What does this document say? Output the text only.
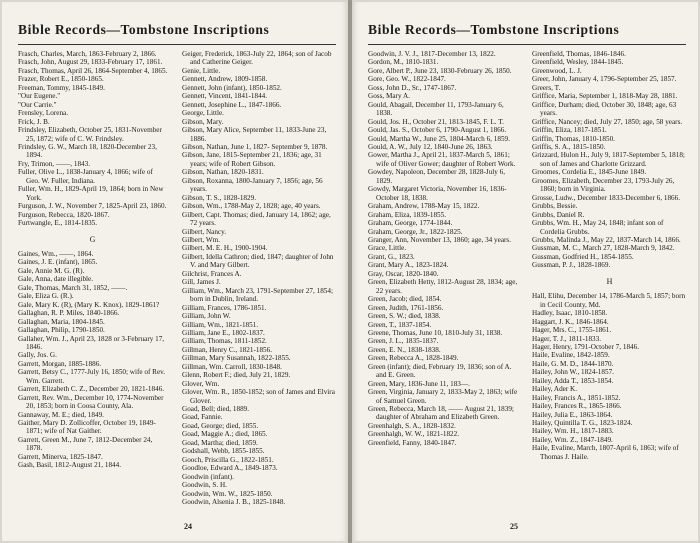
Bible Records—Tombstone Inscriptions
Frasch, Charles, March, 1863-February 2, 1866.
Frasch, John, August 29, 1833-February 17, 1861.
Frasch, Thomas, April 26, 1864-September 4, 1865.
Frazer, Robert E., 1850-1865.
Freeman, Tommy, 1845-1849.
"Our Eugene."
"Our Carrie."
Frensley, Lorena.
Frick, J. B.
Frindsley, Elizabeth, October 25, 1831-November 25, 1872; wife of C. W. Frindsley.
Frindsley, G. W., March 18, 1820-December 23, 1894.
Fry, Trimon, ——, 1843.
Fuller, Olive L., 1838-January 4, 1866; wife of Geo. W. Fuller, Indiana.
Fuller, Wm. H., 1829-April 19, 1864; born in New York.
Furguson, J. W., November 7, 1825-April 23, 1860.
Furguson, Rebecca, 1820-1867.
Furtwangle, E., 1814-1835.
G
Gaines, Wm., ——, 1864.
Gaines, J. E. (infant), 1865.
Gale, Annie M. G. (R).
Gale, Anna, date illegible.
Gale, Thomas, March 31, 1852, ——.
Gale, Eliza G. (R.).
Gale, Mary K. (R), (Mary K. Knox), 1829-1861?
Gallaghan, R. P. Miles, 1840-1866.
Gallaghan, Maria, 1804-1845.
Gallaghan, Philip, 1790-1850.
Gallaher, Wm. J., April 23, 1828 or 3-February 17, 1846.
Gally, Jos. G.
Garrett, Morgan, 1885-1886.
Garrett, Betsy C., 1777-July 16, 1850; wife of Rev. Wm. Garrett.
Garrett, Elizabeth C. Z., December 20, 1821-1846.
Garrett, Rev. Wm., December 10, 1774-November 20, 1853; born in Coosa County, Ala.
Gannaway, M. E.; died, 1849.
Gaither, Mary D. Zollicoffer, October 19, 1849-1871; wife of Nat Gaither.
Garrett, Green M., June 7, 1812-December 24, 1878.
Garrett, Minerva, 1825-1847.
Gash, Basil, 1812-August 21, 1844.
Geiger, Frederick, 1863-July 22, 1864; son of Jacob and Catherine Geiger.
Genie, Little.
Gennett, Andrew, 1809-1858.
Gennett, John (infant), 1850-1852.
Gennett, Vincent, 1841-1844.
Gennett, Josephine L., 1847-1866.
George, Little.
Gibson, Mary.
Gibson, Mary Alice, September 11, 1833-June 23, 1886.
Gibson, Nathan, June 1, 1827- September 9, 1878.
Gibson, Jane, 1815-September 21, 1836; age, 31 years; wife of Robert Gibson.
Gibson, Nathan, 1820-1831.
Gibson, Roxanna, 1800-January 7, 1856; age, 56 years.
Gibson, T. S., 1828-1829.
Gibson, Wm., 1788-May 2, 1828; age, 40 years.
Gilbert, Capt. Thomas; died, January 14, 1862; age, 72 years.
Gilbert, Nancy.
Gilbert, Wm.
Gilbert, M. E. H., 1900-1904.
Gilbert, Idella Cathron; died, 1847; daughter of John V. and Mary Gilbert.
Gilchrist, Frances A.
Gill, James J.
Gilliam, Wm., March 23, 1791-September 27, 1854; born in Dublin, Ireland.
Gilliam, Frances, 1786-1851.
Gilliam, John W.
Gilliam, Wm., 1821-1851.
Gilliam, Jane E., 1802-1837.
Gilliam, Thomas, 1811-1852.
Gillman, Henry C., 1821-1856.
Gillman, Mary Susannah, 1822-1855.
Gillman, Wm. Carroll, 1830-1848.
Glenn, Robert F.; died, July 21, 1829.
Glover, Wm.
Glover, Wm. R., 1850-1852; son of James and Elvira Glover.
Goad, Bell; died, 1889.
Goad, Fannie.
Goad, George; died, 1855.
Goad, Maggie A.; died, 1865.
Goad, Martha; died, 1859.
Godshall, Webb, 1855-1855.
Gooch, Priscilla G., 1822-1851.
Goodloe, Edward A., 1849-1873.
Goodwin (infant).
Goodwin, S. H.
Goodwin, Wm. W., 1825-1850.
Goodwin, Alsenia J. B., 1825-1848.
24
Bible Records—Tombstone Inscriptions
Goodwin, J. V. J., 1817-December 13, 1822.
Gordon, M., 1810-1831.
Gore, Albert P., June 23, 1830-February 26, 1850.
Gore, Geo. W., 1822-1847.
Goss, John D., Sr., 1747-1867.
Goss, Mary A.
Gould, Abagail, December 11, 1793-January 6, 1838.
Gould, Jos. H., October 21, 1813-1845, F. L. T.
Gould, Jas. S., October 6, 1790-August 1, 1866.
Gould, Martha W., June 25, 1804-March 6, 1859.
Gould, A. W., July 12, 1840-June 26, 1863.
Gower, Martha J., April 21, 1837-March 5, 1861; wife of Oliver Gower; daughter of Robert Work.
Gowdey, Napoleon, December 28, 1828-July 6, 1829.
Gowdy, Margaret Victoria, November 16, 1836-October 18, 1838.
Graham, Andrew, 1788-May 15, 1822.
Graham, Eliza, 1839-1855.
Graham, George, 1774-1844.
Graham, George, Jr., 1822-1825.
Granger, Ann, November 13, 1860; age, 34 years.
Grace, Little.
Grant, G., 1823.
Grant, Mary A., 1823-1824.
Gray, Oscar, 1820-1840.
Green, Elizabeth Hetty, 1812-August 28, 1834; age, 22 years.
Green, Jacob; died, 1854.
Green, Judith, 1761-1856.
Green, S. W.; died, 1838.
Green, T., 1837-1854.
Greene, Thomas, June 10, 1810-July 31, 1838.
Green, J. L., 1835-1837.
Green, E. N., 1838-1838.
Green, Rebecca A., 1828-1849.
Green (infant); died, February 19, 1836; son of A. and E. Green.
Green, Mary, 1836-June 11, 183—.
Green, Virginia, January 2, 1833-May 2, 1863; wife of Samuel Green.
Green, Rebecca, March 18, —— August 21, 1839; daughter of Abraham and Elizabeth Green.
Greenhalgh, S. A., 1828-1832.
Greenhalgh, W. W., 1821-1822.
Greenfield, Fanny, 1840-1847.
Greenfield, Thomas, 1846-1846.
Greenfield, Wesley, 1844-1845.
Greenwood, L. J.
Greer, John, January 4, 1796-September 25, 1857.
Greers, T.
Griffice, Maria, September 1, 1818-May 28, 1881.
Griffice, Durham; died, October 30, 1848; age, 63 years.
Griffice, Nancey; died, July 27, 1850; age, 58 years.
Griffin, Eliza, 1817-1851.
Griffin, Thomas, 1810-1850.
Griffis, S. A., 1815-1850.
Grizzard, Hulon H., July 9, 1817-September 5, 1818; son of James and Charlotte Grizzard.
Groomes, Cordelia E., 1845-June 1849.
Groomes, Elizabeth, December 23, 1793-July 26, 1860; born in Virginia.
Grosse, Ludw., December 1833-December 6, 1866.
Grubbs, Bessie.
Grubbs, Daniel R.
Grubbs, Wm. H., May 24, 1848; infant son of Cordelia Grubbs.
Grubbs, Malinda J., May 22, 1837-March 14, 1866.
Gussman, M. C., March 27, 1828-March 9, 1842.
Gussman, Godfried H., 1854-1855.
Gussman, P. J., 1828-1869.
H
Hall, Elihu, December 14, 1786-March 5, 1857; born in Cecil County, Md.
Hadley, Isaac, 1810-1858.
Haggart, J. K., 1846-1864.
Hager, Mrs. C., 1755-1861.
Hager, T. J., 1811-1833.
Hager, Henry, 1791-October 7, 1846.
Haile, Evaline, 1842-1859.
Haile, G. M. D., 1844-1870.
Hailey, John W., 1824-1857.
Hailey, Adda T., 1853-1854.
Hailey, Ader K.
Hailey, Francis A., 1851-1852.
Hailey, Frances R., 1865-1866.
Hailey, Julia E., 1863-1864.
Hailey, Quintilla T. G., 1823-1824.
Hailey, Wm. H., 1817-1883.
Hailey, Wm. Z., 1847-1849.
Haile, Evaline, March, 1807-April 6, 1863; wife of Thomas J. Haile.
25
